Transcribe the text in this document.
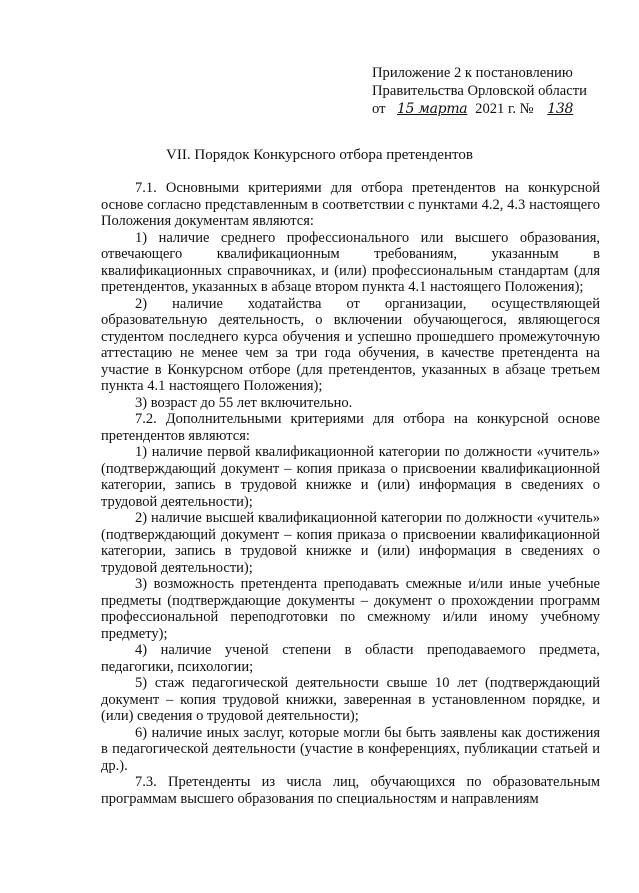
Приложение 2 к постановлению
Правительства Орловской области
от 15 марта 2021 г. № 138
VII. Порядок Конкурсного отбора претендентов

7.1. Основными критериями для отбора претендентов на конкурсной основе согласно представленным в соответствии с пунктами 4.2, 4.3 настоящего Положения документам являются:

1) наличие среднего профессионального или высшего образования, отвечающего квалификационным требованиям, указанным в квалификационных справочниках, и (или) профессиональным стандартам (для претендентов, указанных в абзаце втором пункта 4.1 настоящего Положения);

2) наличие ходатайства от организации, осуществляющей образовательную деятельность, о включении обучающегося, являющегося студентом последнего курса обучения и успешно прошедшего промежуточную аттестацию не менее чем за три года обучения, в качестве претендента на участие в Конкурсном отборе (для претендентов, указанных в абзаце третьем пункта 4.1 настоящего Положения);

3) возраст до 55 лет включительно.

7.2. Дополнительными критериями для отбора на конкурсной основе претендентов являются:

1) наличие первой квалификационной категории по должности «учитель» (подтверждающий документ – копия приказа о присвоении квалификационной категории, запись в трудовой книжке и (или) информация в сведениях о трудовой деятельности);

2) наличие высшей квалификационной категории по должности «учитель» (подтверждающий документ – копия приказа о присвоении квалификационной категории, запись в трудовой книжке и (или) информация в сведениях о трудовой деятельности);

3) возможность претендента преподавать смежные и/или иные учебные предметы (подтверждающие документы – документ о прохождении программ профессиональной переподготовки по смежному и/или иному учебному предмету);

4) наличие ученой степени в области преподаваемого предмета, педагогики, психологии;

5) стаж педагогической деятельности свыше 10 лет (подтверждающий документ – копия трудовой книжки, заверенная в установленном порядке, и (или) сведения о трудовой деятельности);

6) наличие иных заслуг, которые могли бы быть заявлены как достижения в педагогической деятельности (участие в конференциях, публикации статьей и др.).

7.3. Претенденты из числа лиц, обучающихся по образовательным программам высшего образования по специальностям и направлениям
